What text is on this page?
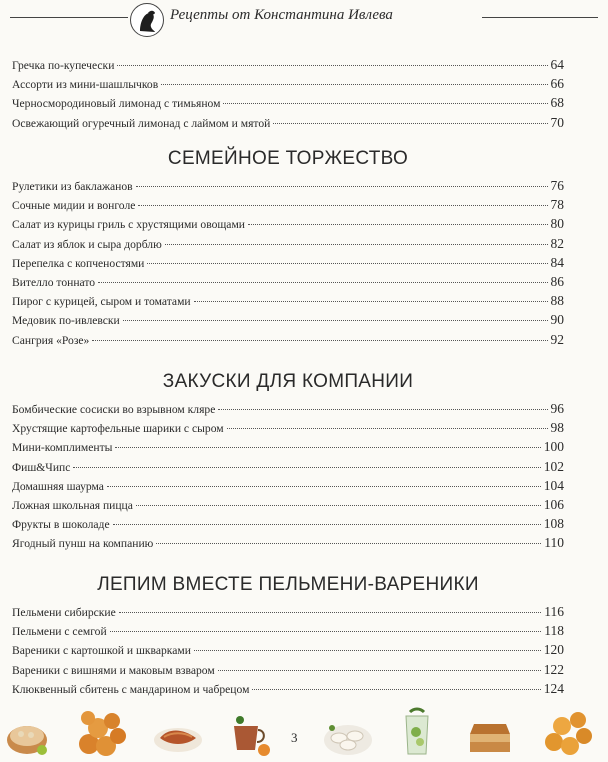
Рецепты от Константина Ивлева
Гречка по-купечески	64
Ассорти из мини-шашлычков	66
Черносмородиновый лимонад с тимьяном	68
Освежающий огуречный лимонад с лаймом и мятой	70
СЕМЕЙНОЕ ТОРЖЕСТВО
Рулетики из баклажанов	76
Сочные мидии и вонголе	78
Салат из курицы гриль с хрустящими овощами	80
Салат из яблок и сыра дорблю	82
Перепелка с копченостями	84
Вителло тоннато	86
Пирог с курицей, сыром и томатами	88
Медовик по-ивлевски	90
Сангрия «Розе»	92
ЗАКУСКИ ДЛЯ КОМПАНИИ
Бомбические сосиски во взрывном кляре	96
Хрустящие картофельные шарики с сыром	98
Мини-комплименты	100
Фиш&Чипс	102
Домашняя шаурма	104
Ложная школьная пицца	106
Фрукты в шоколаде	108
Ягодный пунш на компанию	110
ЛЕПИМ ВМЕСТЕ ПЕЛЬМЕНИ-ВАРЕНИКИ
Пельмени сибирские	116
Пельмени с семгой	118
Вареники с картошкой и шкварками	120
Вареники с вишнями и маковым взваром	122
Клюквенный сбитень с мандарином и чабрецом	124
3
